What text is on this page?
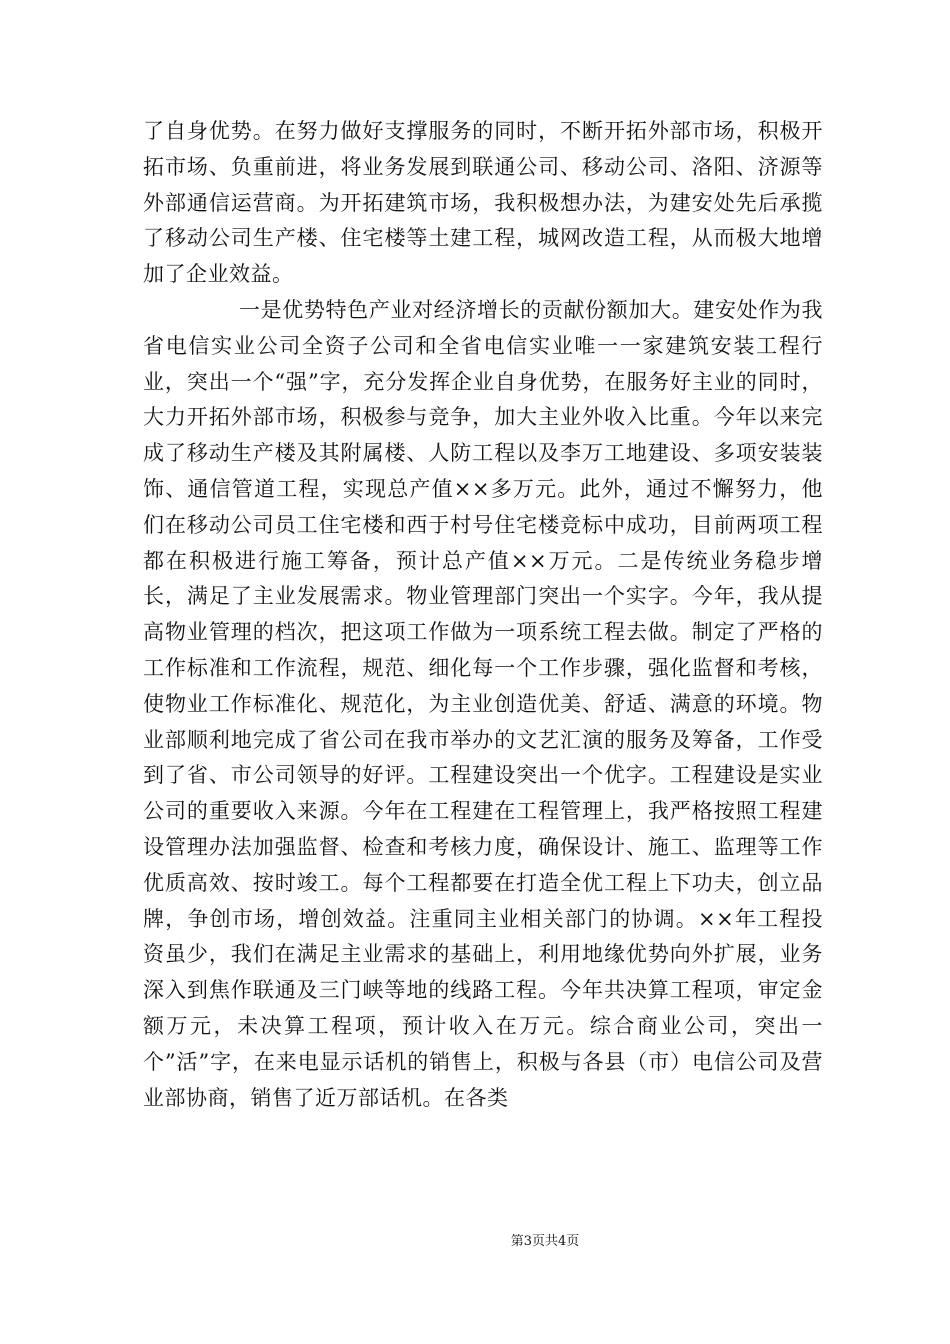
了自身优势。在努力做好支撑服务的同时，不断开拓外部市场，积极开拓市场、负重前进，将业务发展到联通公司、移动公司、洛阳、济源等外部通信运营商。为开拓建筑市场，我积极想办法，为建安处先后承揽了移动公司生产楼、住宅楼等土建工程，城网改造工程，从而极大地增加了企业效益。

一是优势特色产业对经济增长的贡献份额加大。建安处作为我省电信实业公司全资子公司和全省电信实业唯一一家建筑安装工程行业，突出一个“强”字，充分发挥企业自身优势，在服务好主业的同时，大力开拓外部市场，积极参与竞争，加大主业外收入比重。今年以来完成了移动生产楼及其附属楼、人防工程以及李万工地建设、多项安装装饰、通信管道工程，实现总产值××多万元。此外，通过不懈努力，他们在移动公司员工住宅楼和西于村号住宅楼竞标中成功，目前两项工程都在积极进行施工筹备，预计总产值××万元。二是传统业务稳步增长，满足了主业发展需求。物业管理部门突出一个实字。今年，我从提高物业管理的档次，把这项工作做为一项系统工程去做。制定了严格的工作标准和工作流程，规范、细化每一个工作步骤，强化监督和考核，使物业工作标准化、规范化，为主业创造优美、舒适、满意的环境。物业部顺利地完成了省公司在我市举办的文艺汇演的服务及筹备，工作受到了省、市公司领导的好评。工程建设突出一个优字。工程建设是实业公司的重要收入来源。今年在工程建在工程管理上，我严格按照工程建设管理办法加强监督、检查和考核力度，确保设计、施工、监理等工作优质高效、按时竣工。每个工程都要在打造全优工程上下功夫，创立品牌，争创市场，增创效益。注重同主业相关部门的协调。××年工程投资虽少，我们在满足主业需求的基础上，利用地缘优势向外扩展，业务深入到焦作联通及三门峡等地的线路工程。今年共决算工程项，审定金额万元，未决算工程项，预计收入在万元。综合商业公司，突出一个”活”字，在来电显示话机的销售上，积极与各县（市）电信公司及营业部协商，销售了近万部话机。在各类

第3页共4页
